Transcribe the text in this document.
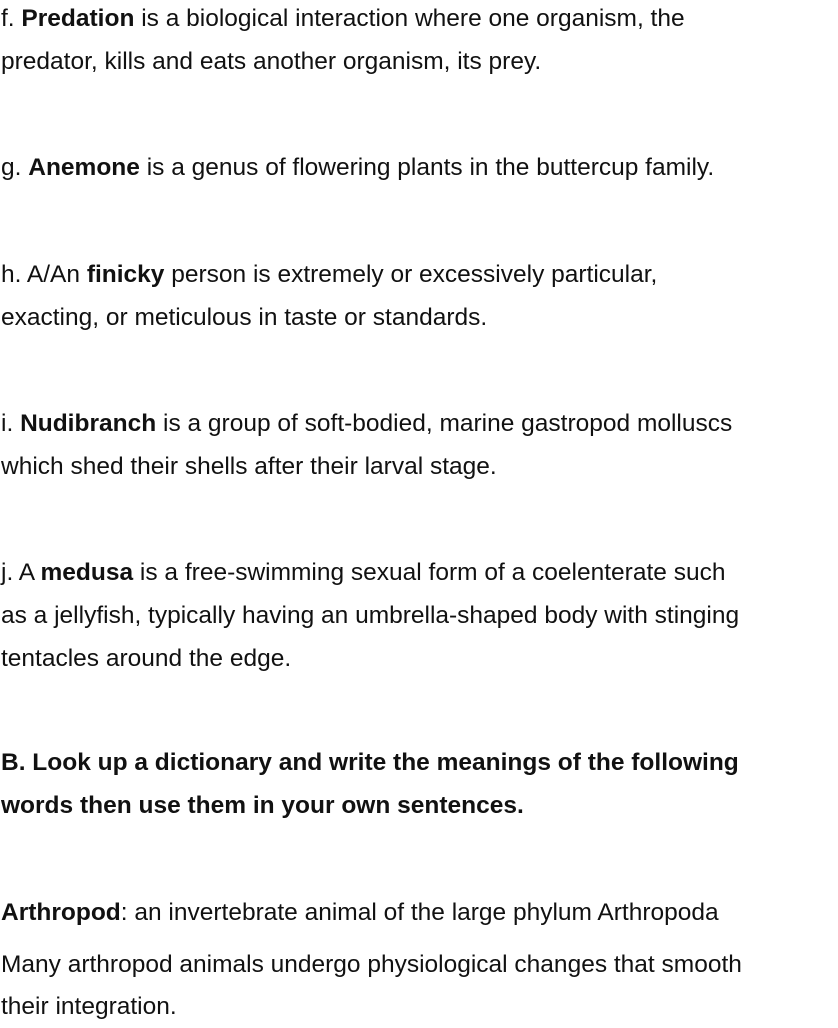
f. Predation is a biological interaction where one organism, the
predator, kills and eats another organism, its prey.

g. Anemone is a genus of flowering plants in the buttercup family.

h. A/An finicky person is extremely or excessively particular,
exacting, or meticulous in taste or standards.

i. Nudibranch is a group of soft-bodied, marine gastropod molluscs
which shed their shells after their larval stage.

j. A medusa is a free-swimming sexual form of a coelenterate such
as a jellyfish, typically having an umbrella-shaped body with stinging
tentacles around the edge.

B. Look up a dictionary and write the meanings of the following
words then use them in your own sentences.

Arthropod: an invertebrate animal of the large phylum Arthropoda

Many arthropod animals undergo physiological changes that smooth
their integration.
